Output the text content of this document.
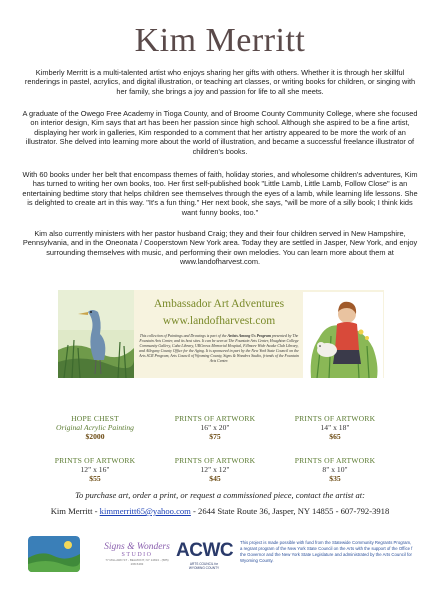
Kim Merritt
Kimberly Merritt is a multi-talented artist who enjoys sharing her gifts with others. Whether it is through her skillful renderings in pastel, acrylics, and digital illustration, or teaching art classes, or writing books for children, or singing with her family, she brings a joy and passion for life to all she meets.
A graduate of the Owego Free Academy in Tioga County, and of Broome County Community College, where she focused on interior design, Kim says that art has been her passion since high school. Although she aspired to be a fine artist, displaying her work in galleries, Kim responded to a comment that her artistry appeared to be more the work of an illustrator. She delved into learning more about the world of illustration, and became a successful freelance illustrator of children's books.
With 60 books under her belt that encompass themes of faith, holiday stories, and wholesome children's adventures, Kim has turned to writing her own books, too. Her first self-published book "Little Lamb, Little Lamb, Follow Close" is an entertaining bedtime story that helps children see themselves through the eyes of a lamb, while learning life lessons. She is delighted to create art in this way. "It's a fun thing." Her next book, she says, "will be more of a silly book; I think kids want funny books, too."
Kim also currently ministers with her pastor husband Craig; they and their four children served in New Hampshire, Pennsylvania, and in the Oneonata / Cooperstown New York area. Today they are settled in Jasper, New York, and enjoy surrounding themselves with music, and performing their own melodies. You can learn more about them at www.landofharvest.com.
Ambassador Art Adventures
www.landofharvest.com
This collection of Paintings and Drawings is part of the Artists Among Us Program presented by The Fountain Arts Center, and its host sites. It can be seen at The Fountain Arts Center, Houghton College Community Gallery, Cuba Library, URGrows Memorial Hospital, Fillmore Wide Awake Club Library, and Allegany County Office for the Aging. It is sponsored in part by the New York State Council on the Arts SCR Program, Arts Council of Wyoming County, Signs & Wonders Studio, friends of the Fountain Arts Center.
HOPE CHEST
Original Acrylic Painting
$2000
PRINTS OF ARTWORK
16" x 20"
$75
PRINTS OF ARTWORK
14" x 18"
$65
PRINTS OF ARTWORK
12" x 16"
$55
PRINTS OF ARTWORK
12" x 12"
$45
PRINTS OF ARTWORK
8" x 10"
$35
To purchase art, order a print, or request a commissioned piece, contact the artist at:
Kim Merritt - kimmerritt65@yahoo.com - 2644 State Route 36, Jasper, NY 14855 - 607-792-3918
Signs & Wonders
STUDIO
77 MILLARD ST - BELMONT, NY 14813 - (585) 268-5493
ACWC
ARTS COUNCIL for
WYOMING COUNTY
This project is made possible with fund from the Statewide Community Regrants Program, a regrant program of the New York State Council on the Arts with the support of the Office f the Governor and the New York State Legislature and administrated by the Arts Council for Wyoming County.
